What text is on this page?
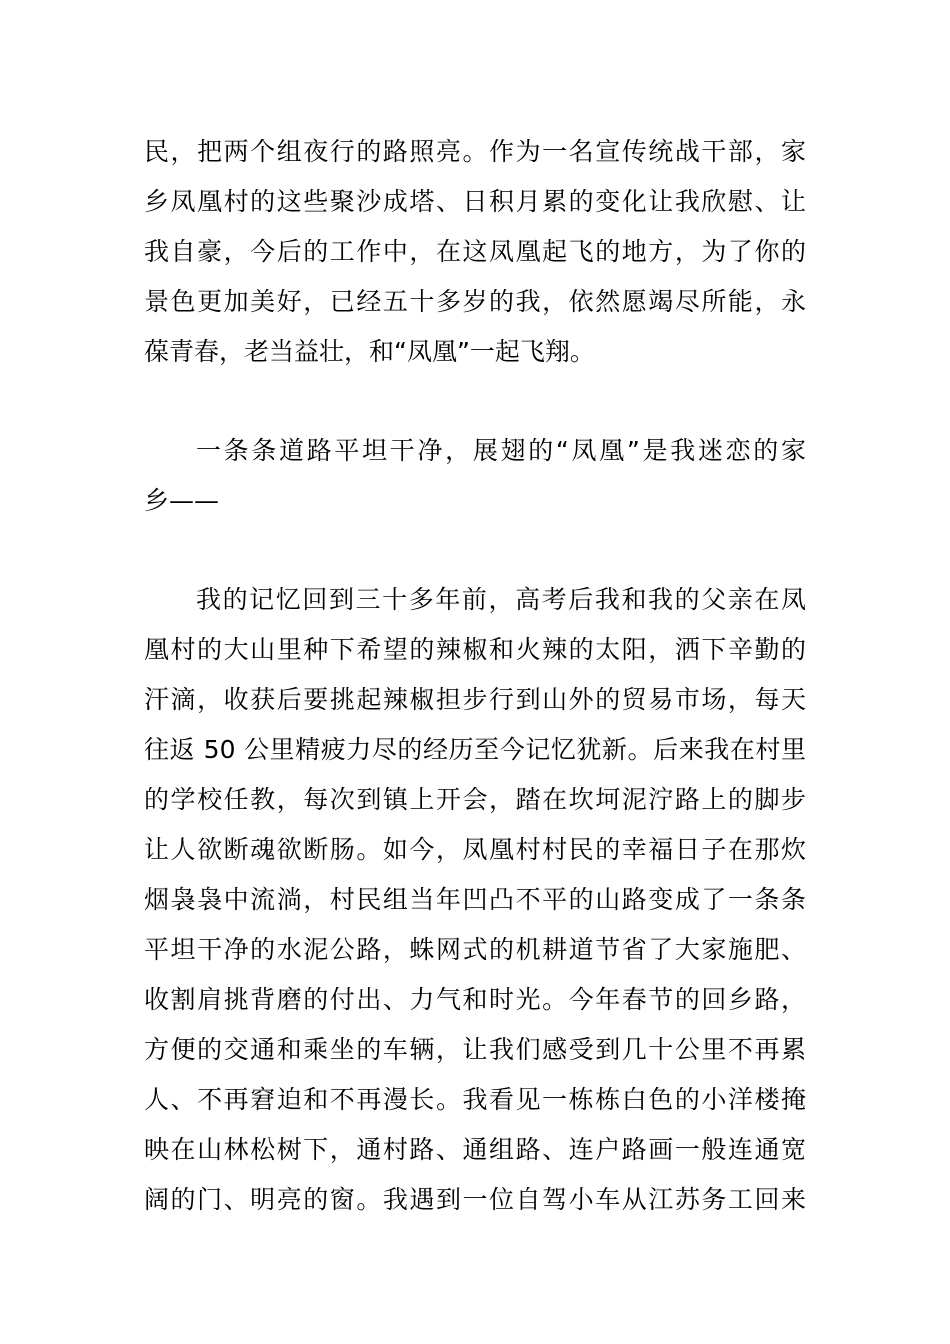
民，把两个组夜行的路照亮。作为一名宣传统战干部，家
乡凤凰村的这些聚沙成塔、日积月累的变化让我欣慰、让
我自豪，今后的工作中，在这凤凰起飞的地方，为了你的
景色更加美好，已经五十多岁的我，依然愿竭尽所能，永
葆青春，老当益壮，和“凤凰”一起飞翔。
一条条道路平坦干净，展翅的“凤凰”是我迷恋的家
乡——
我的记忆回到三十多年前，高考后我和我的父亲在凤
凰村的大山里种下希望的辣椒和火辣的太阳，洒下辛勤的
汗滴，收获后要挑起辣椒担步行到山外的贸易市场，每天
往返 50 公里精疲力尽的经历至今记忆犹新。后来我在村里
的学校任教，每次到镇上开会，踏在坎坷泥泞路上的脚步
让人欲断魂欲断肠。如今，凤凰村村民的幸福日子在那炊
烟袅袅中流淌，村民组当年凹凸不平的山路变成了一条条
平坦干净的水泥公路，蛛网式的机耕道节省了大家施肥、
收割肩挑背磨的付出、力气和时光。今年春节的回乡路，
方便的交通和乘坐的车辆，让我们感受到几十公里不再累
人、不再窘迫和不再漫长。我看见一栋栋白色的小洋楼掩
映在山林松树下，通村路、通组路、连户路画一般连通宽
阔的门、明亮的窗。我遇到一位自驾小车从江苏务工回来
